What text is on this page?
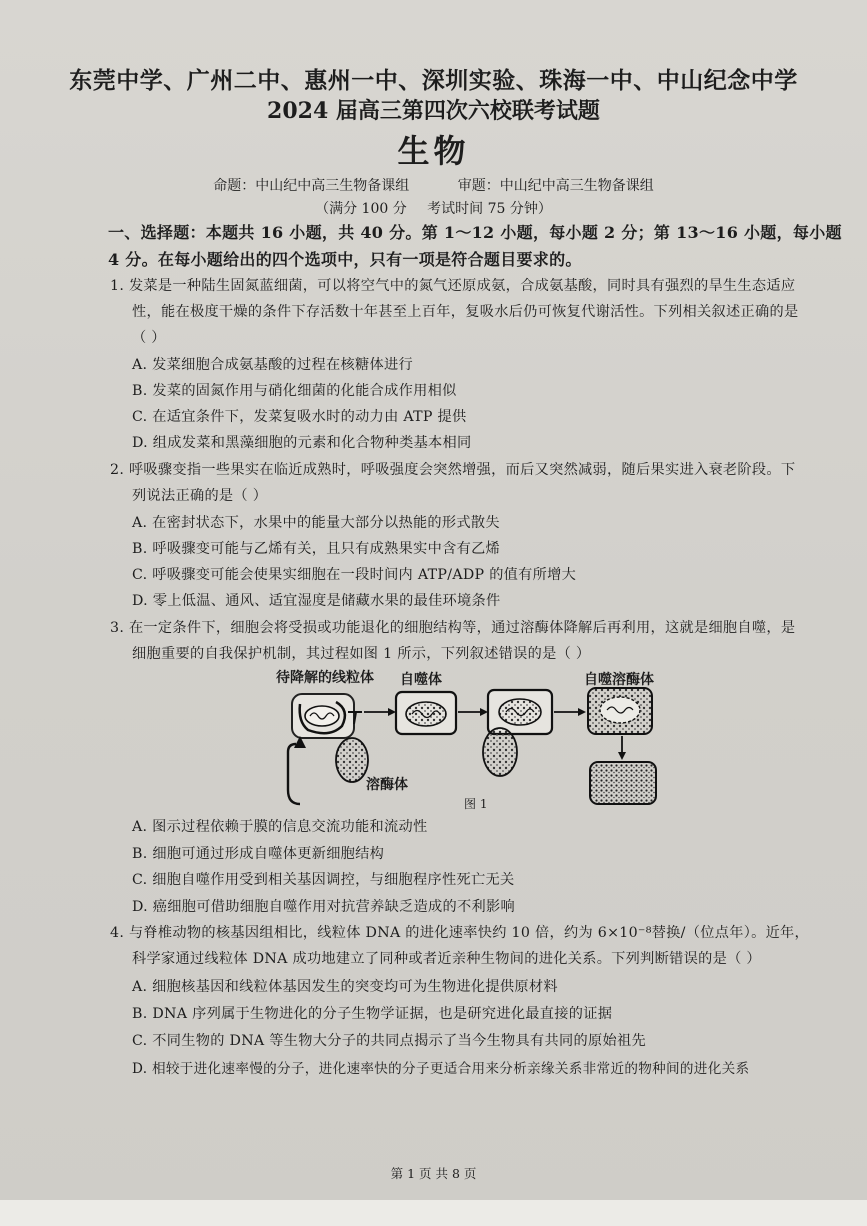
东莞中学、广州二中、惠州一中、深圳实验、珠海一中、中山纪念中学
2024 届高三第四次六校联考试题
生物
命题：中山纪中高三生物备课组	审题：中山纪中高三生物备课组
（满分 100 分 考试时间 75 分钟）
一、选择题：本题共 16 小题，共 40 分。第 1～12 小题，每小题 2 分；第 13～16 小题，每小题
4 分。在每小题给出的四个选项中，只有一项是符合题目要求的。
1. 发菜是一种陆生固氮蓝细菌，可以将空气中的氮气还原成氨，合成氨基酸，同时具有强烈的旱生生态适应
性，能在极度干燥的条件下存活数十年甚至上百年，复吸水后仍可恢复代谢活性。下列相关叙述正确的是
（ ）
A. 发菜细胞合成氨基酸的过程在核糖体进行
B. 发菜的固氮作用与硝化细菌的化能合成作用相似
C. 在适宜条件下，发菜复吸水时的动力由 ATP 提供
D. 组成发菜和黑藻细胞的元素和化合物种类基本相同
2. 呼吸骤变指一些果实在临近成熟时，呼吸强度会突然增强，而后又突然减弱，随后果实进入衰老阶段。下
列说法正确的是（ ）
A. 在密封状态下，水果中的能量大部分以热能的形式散失
B. 呼吸骤变可能与乙烯有关，且只有成熟果实中含有乙烯
C. 呼吸骤变可能会使果实细胞在一段时间内 ATP/ADP 的值有所增大
D. 零上低温、通风、适宜湿度是储藏水果的最佳环境条件
3. 在一定条件下，细胞会将受损或功能退化的细胞结构等，通过溶酶体降解后再利用，这就是细胞自噬，是
细胞重要的自我保护机制，其过程如图 1 所示，下列叙述错误的是（ ）
待降解的线粒体 自噬体	自噬溶酶体
溶酶体
图 1
A. 图示过程依赖于膜的信息交流功能和流动性
B. 细胞可通过形成自噬体更新细胞结构
C. 细胞自噬作用受到相关基因调控，与细胞程序性死亡无关
D. 癌细胞可借助细胞自噬作用对抗营养缺乏造成的不利影响
4. 与脊椎动物的核基因组相比，线粒体 DNA 的进化速率快约 10 倍，约为 6×10⁻⁸替换/（位点年）。近年，
科学家通过线粒体 DNA 成功地建立了同种或者近亲种生物间的进化关系。下列判断错误的是（ ）
A. 细胞核基因和线粒体基因发生的突变均可为生物进化提供原材料
B. DNA 序列属于生物进化的分子生物学证据，也是研究进化最直接的证据
C. 不同生物的 DNA 等生物大分子的共同点揭示了当今生物具有共同的原始祖先
D. 相较于进化速率慢的分子，进化速率快的分子更适合用来分析亲缘关系非常近的物种间的进化关系
第 1 页 共 8 页
